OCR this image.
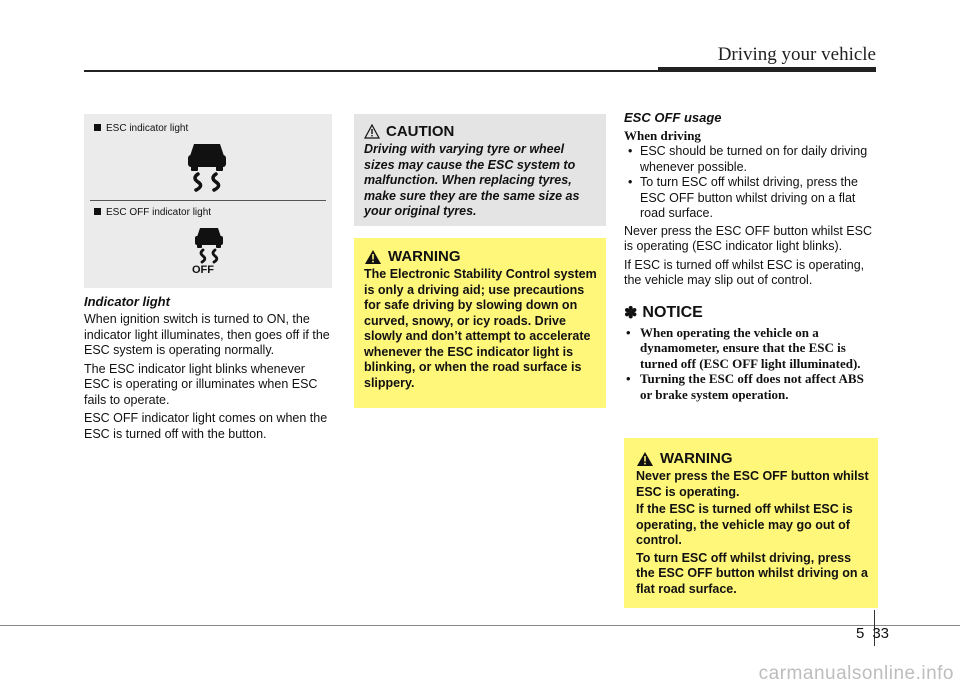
Driving your vehicle
ESC indicator light
ESC OFF indicator light
OFF

Indicator light

When ignition switch is turned to ON, the indicator light illuminates, then goes off if the ESC system is operating normally.

The ESC indicator light blinks whenever ESC is operating or illuminates when ESC fails to operate.

ESC OFF indicator light comes on when the ESC is turned off with the button.

CAUTION
Driving with varying tyre or wheel sizes may cause the ESC system to malfunction. When replacing tyres, make sure they are the same size as your original tyres.
WARNING

The Electronic Stability Control system is only a driving aid; use precautions for safe driving by slowing down on curved, snowy, or icy roads. Drive slowly and don’t attempt to accelerate whenever the ESC indicator light is blinking, or when the road surface is slippery.

ESC OFF usage

When driving

• ESC should be turned on for daily driving whenever possible.

• To turn ESC off whilst driving, press the ESC OFF button whilst driving on a flat road surface.

Never press the ESC OFF button whilst ESC is operating (ESC indicator light blinks).

If ESC is turned off whilst ESC is operating, the vehicle may slip out of control.

✽ NOTICE

• When operating the vehicle on a dynamometer, ensure that the ESC is turned off (ESC OFF light illuminated).

• Turning the ESC off does not affect ABS or brake system operation.

WARNING

Never press the ESC OFF button whilst ESC is operating.

If the ESC is turned off whilst ESC is operating, the vehicle may go out of control.

To turn ESC off whilst driving, press the ESC OFF button whilst driving on a flat road surface.

5 33
carmanualsonline.info
